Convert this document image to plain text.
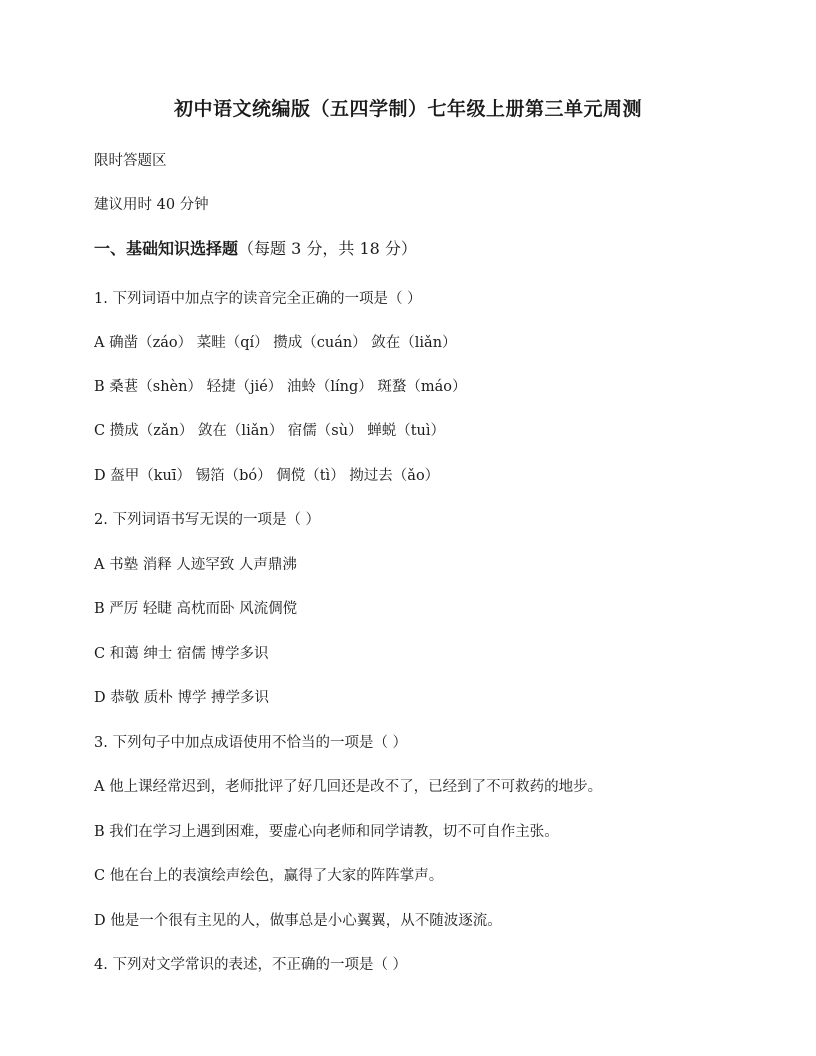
初中语文统编版（五四学制）七年级上册第三单元周测
限时答题区
建议用时 40 分钟
一、基础知识选择题（每题 3 分，共 18 分）
1. 下列词语中加点字的读音完全正确的一项是（ ）
A 确凿（záo） 菜畦（qí） 攒成（cuán） 敛在（liǎn）
B 桑葚（shèn） 轻捷（jié） 油蛉（líng） 斑蝥（máo）
C 攒成（zǎn） 敛在（liǎn） 宿儒（sù） 蝉蜕（tuì）
D 盔甲（kuī） 锡箔（bó） 倜傥（tì） 拗过去（ǎo）
2. 下列词语书写无误的一项是（ ）
A 书塾 消释 人迹罕致 人声鼎沸
B 严厉 轻睫 高枕而卧 风流倜傥
C 和蔼 绅士 宿儒 博学多识
D 恭敬 质朴 博学 搏学多识
3. 下列句子中加点成语使用不恰当的一项是（ ）
A 他上课经常迟到，老师批评了好几回还是改不了，已经到了不可救药的地步。
B 我们在学习上遇到困难，要虚心向老师和同学请教，切不可自作主张。
C 他在台上的表演绘声绘色，赢得了大家的阵阵掌声。
D 他是一个很有主见的人，做事总是小心翼翼，从不随波逐流。
4. 下列对文学常识的表述，不正确的一项是（ ）
